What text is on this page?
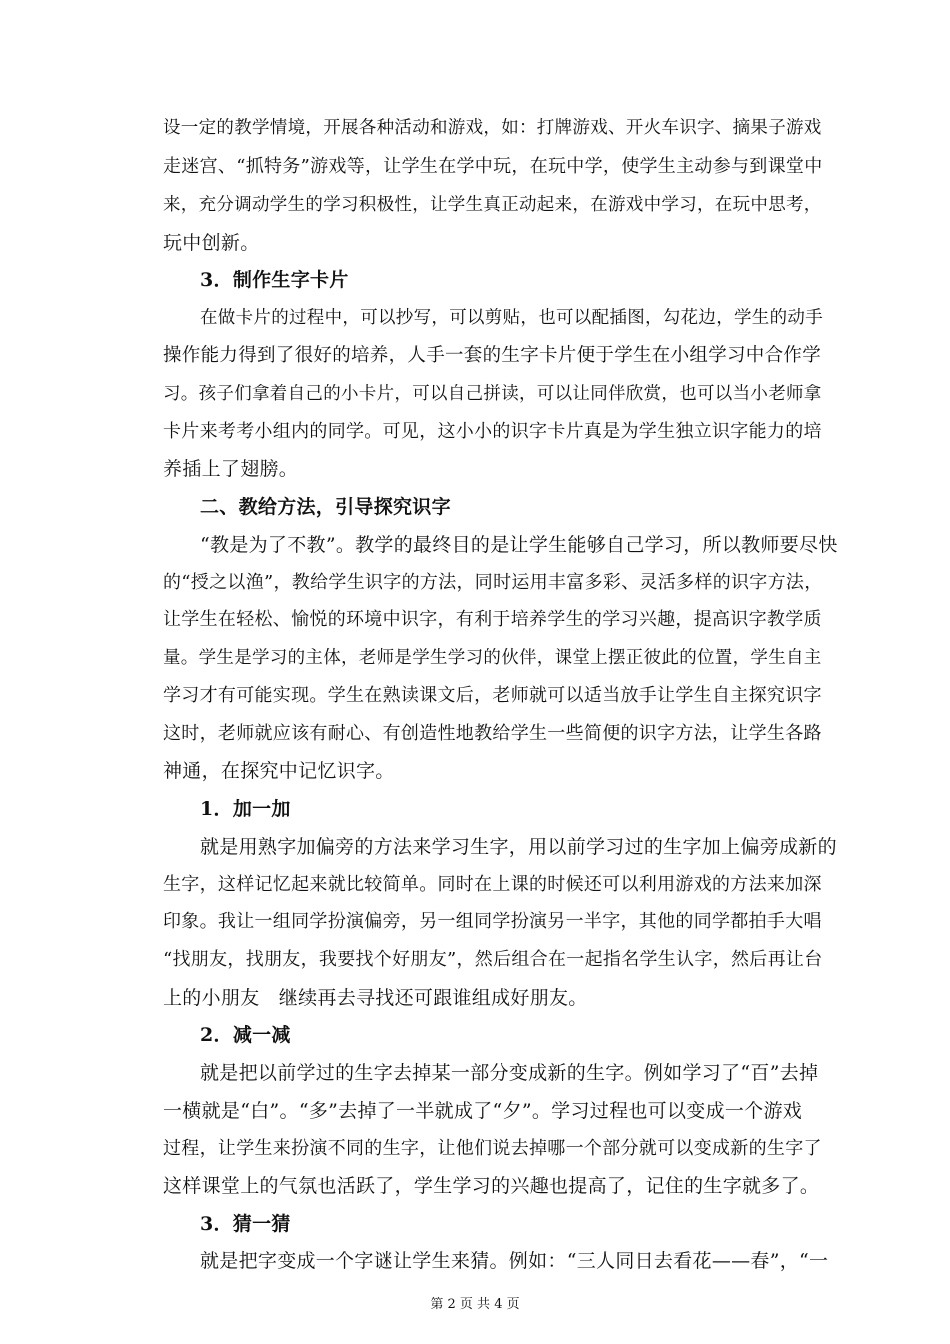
设一定的教学情境，开展各种活动和游戏，如：打牌游戏、开火车识字、摘果子游戏
走迷宫、“抓特务”游戏等，让学生在学中玩，在玩中学，使学生主动参与到课堂中
来，充分调动学生的学习积极性，让学生真正动起来，在游戏中学习，在玩中思考，
玩中创新。
3．制作生字卡片
在做卡片的过程中，可以抄写，可以剪贴，也可以配插图，勾花边，学生的动手
操作能力得到了很好的培养，人手一套的生字卡片便于学生在小组学习中合作学
习。孩子们拿着自己的小卡片，可以自己拼读，可以让同伴欣赏，也可以当小老师拿
卡片来考考小组内的同学。可见，这小小的识字卡片真是为学生独立识字能力的培
养插上了翅膀。
二、教给方法，引导探究识字
“教是为了不教”。教学的最终目的是让学生能够自己学习，所以教师要尽快
的“授之以渔”，教给学生识字的方法，同时运用丰富多彩、灵活多样的识字方法，
让学生在轻松、愉悦的环境中识字，有利于培养学生的学习兴趣，提高识字教学质
量。学生是学习的主体，老师是学生学习的伙伴，课堂上摆正彼此的位置，学生自主
学习才有可能实现。学生在熟读课文后，老师就可以适当放手让学生自主探究识字
这时，老师就应该有耐心、有创造性地教给学生一些简便的识字方法，让学生各路
神通，在探究中记忆识字。
1．加一加
就是用熟字加偏旁的方法来学习生字，用以前学习过的生字加上偏旁成新的
生字，这样记忆起来就比较简单。同时在上课的时候还可以利用游戏的方法来加深
印象。我让一组同学扮演偏旁，另一组同学扮演另一半字，其他的同学都拍手大唱
“找朋友，找朋友，我要找个好朋友”，然后组合在一起指名学生认字，然后再让台
上的小朋友　继续再去寻找还可跟谁组成好朋友。
2．减一减
就是把以前学过的生字去掉某一部分变成新的生字。例如学习了“百”去掉
一横就是“白”。“多”去掉了一半就成了“夕”。学习过程也可以变成一个游戏
过程，让学生来扮演不同的生字，让他们说去掉哪一个部分就可以变成新的生字了
这样课堂上的气氛也活跃了，学生学习的兴趣也提高了，记住的生字就多了。
3．猜一猜
就是把字变成一个字谜让学生来猜。例如：“三人同日去看花——春”，“一
第 2 页 共 4 页
